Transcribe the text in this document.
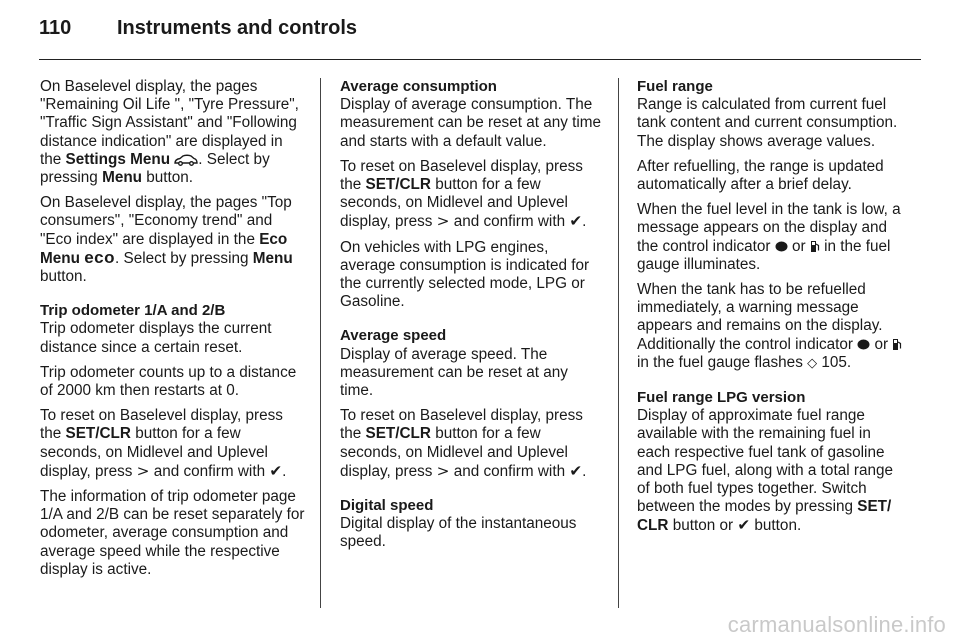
110	Instruments and controls

On Baselevel display, the pages "Remaining Oil Life ", "Tyre Pressure", "Traffic Sign Assistant" and "Following distance indication" are displayed in the Settings Menu . Select by pressing Menu button.

On Baselevel display, the pages "Top consumers", "Economy trend" and "Eco index" are displayed in the Eco Menu eco. Select by pressing Menu button.

Trip odometer 1/A and 2/B

Trip odometer displays the current distance since a certain reset.

Trip odometer counts up to a distance of 2000 km then restarts at 0.

To reset on Baselevel display, press the SET/CLR button for a few seconds, on Midlevel and Uplevel display, press > and confirm with ✔.

The information of trip odometer page 1/A and 2/B can be reset separately for odometer, average consumption and average speed while the respective display is active.

Average consumption

Display of average consumption. The measurement can be reset at any time and starts with a default value.

To reset on Baselevel display, press the SET/CLR button for a few seconds, on Midlevel and Uplevel display, press > and confirm with ✔.

On vehicles with LPG engines, average consumption is indicated for the currently selected mode, LPG or Gasoline.

Average speed

Display of average speed. The measurement can be reset at any time.

To reset on Baselevel display, press the SET/CLR button for a few seconds, on Midlevel and Uplevel display, press > and confirm with ✔.

Digital speed

Digital display of the instantaneous speed.

Fuel range

Range is calculated from current fuel tank content and current consumption. The display shows average values.

After refuelling, the range is updated automatically after a brief delay.

When the fuel level in the tank is low, a message appears on the display and the control indicator  or  in the fuel gauge illuminates.

When the tank has to be refuelled immediately, a warning message appears and remains on the display. Additionally the control indicator  or  in the fuel gauge flashes ◇ 105.

Fuel range LPG version

Display of approximate fuel range available with the remaining fuel in each respective fuel tank of gasoline and LPG fuel, along with a total range of both fuel types together. Switch between the modes by pressing SET/ CLR button or ✔ button.

carmanualsonline.info
